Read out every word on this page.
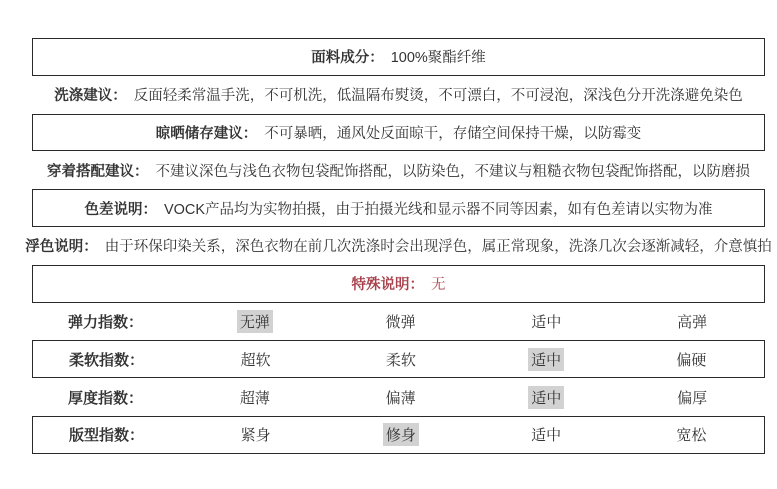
面料成分： 100%聚酯纤维
洗涤建议： 反面轻柔常温手洗，不可机洗，低温隔布熨烫，不可漂白，不可浸泡，深浅色分开洗涤避免染色
晾晒储存建议： 不可暴晒，通风处反面晾干，存储空间保持干燥，以防霉变
穿着搭配建议： 不建议深色与浅色衣物包袋配饰搭配，以防染色，不建议与粗糙衣物包袋配饰搭配，以防磨损
色差说明： VOCK产品均为实物拍摄，由于拍摄光线和显示器不同等因素，如有色差请以实物为准
浮色说明： 由于环保印染关系，深色衣物在前几次洗涤时会出现浮色，属正常现象，洗涤几次会逐渐减轻，介意慎拍
特殊说明： 无
弹力指数：	无弹	微弹	适中	高弹
柔软指数：	超软	柔软	适中	偏硬
厚度指数：	超薄	偏薄	适中	偏厚
版型指数：	紧身	修身	适中	宽松
